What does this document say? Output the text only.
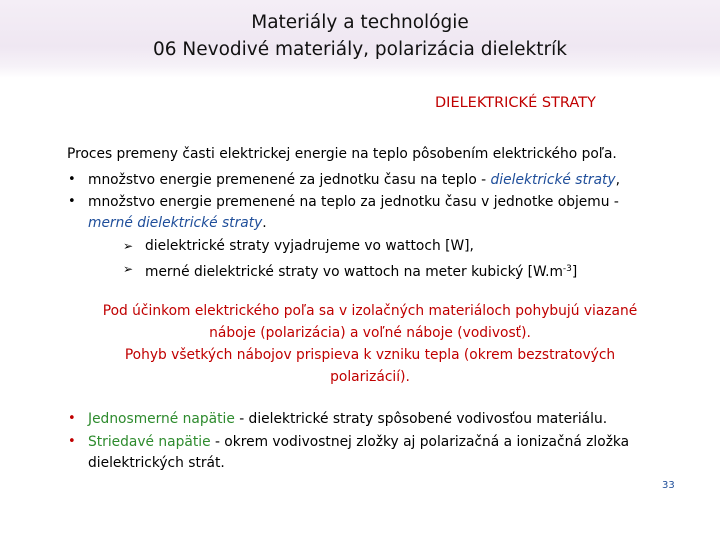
Materiály a technológie
06 Nevodivé materiály, polarizácia dielektrík
DIELEKTRICKÉ STRATY
Proces premeny časti elektrickej energie na teplo pôsobením elektrického poľa.
• množstvo energie premenené za jednotku času na teplo - dielektrické straty,
• množstvo energie premenené na teplo za jednotku času v jednotke objemu -
merné dielektrické straty.
➢ dielektrické straty vyjadrujeme vo wattoch [W],
➢ merné dielektrické straty vo wattoch na meter kubický $[W.m^{-3}]$
Pod účinkom elektrického poľa sa v izolačných materiáloch pohybujú viazané
náboje (polarizácia) a voľné náboje (vodivosť).
Pohyb všetkých nábojov prispieva k vzniku tepla (okrem bezstratových
polarizácií).
• Jednosmerné napätie - dielektrické straty spôsobené vodivosťou materiálu.
• Striedavé napätie - okrem vodivostnej zložky aj polarizačná a ionizačná zložka
dielektrických strát.
33
